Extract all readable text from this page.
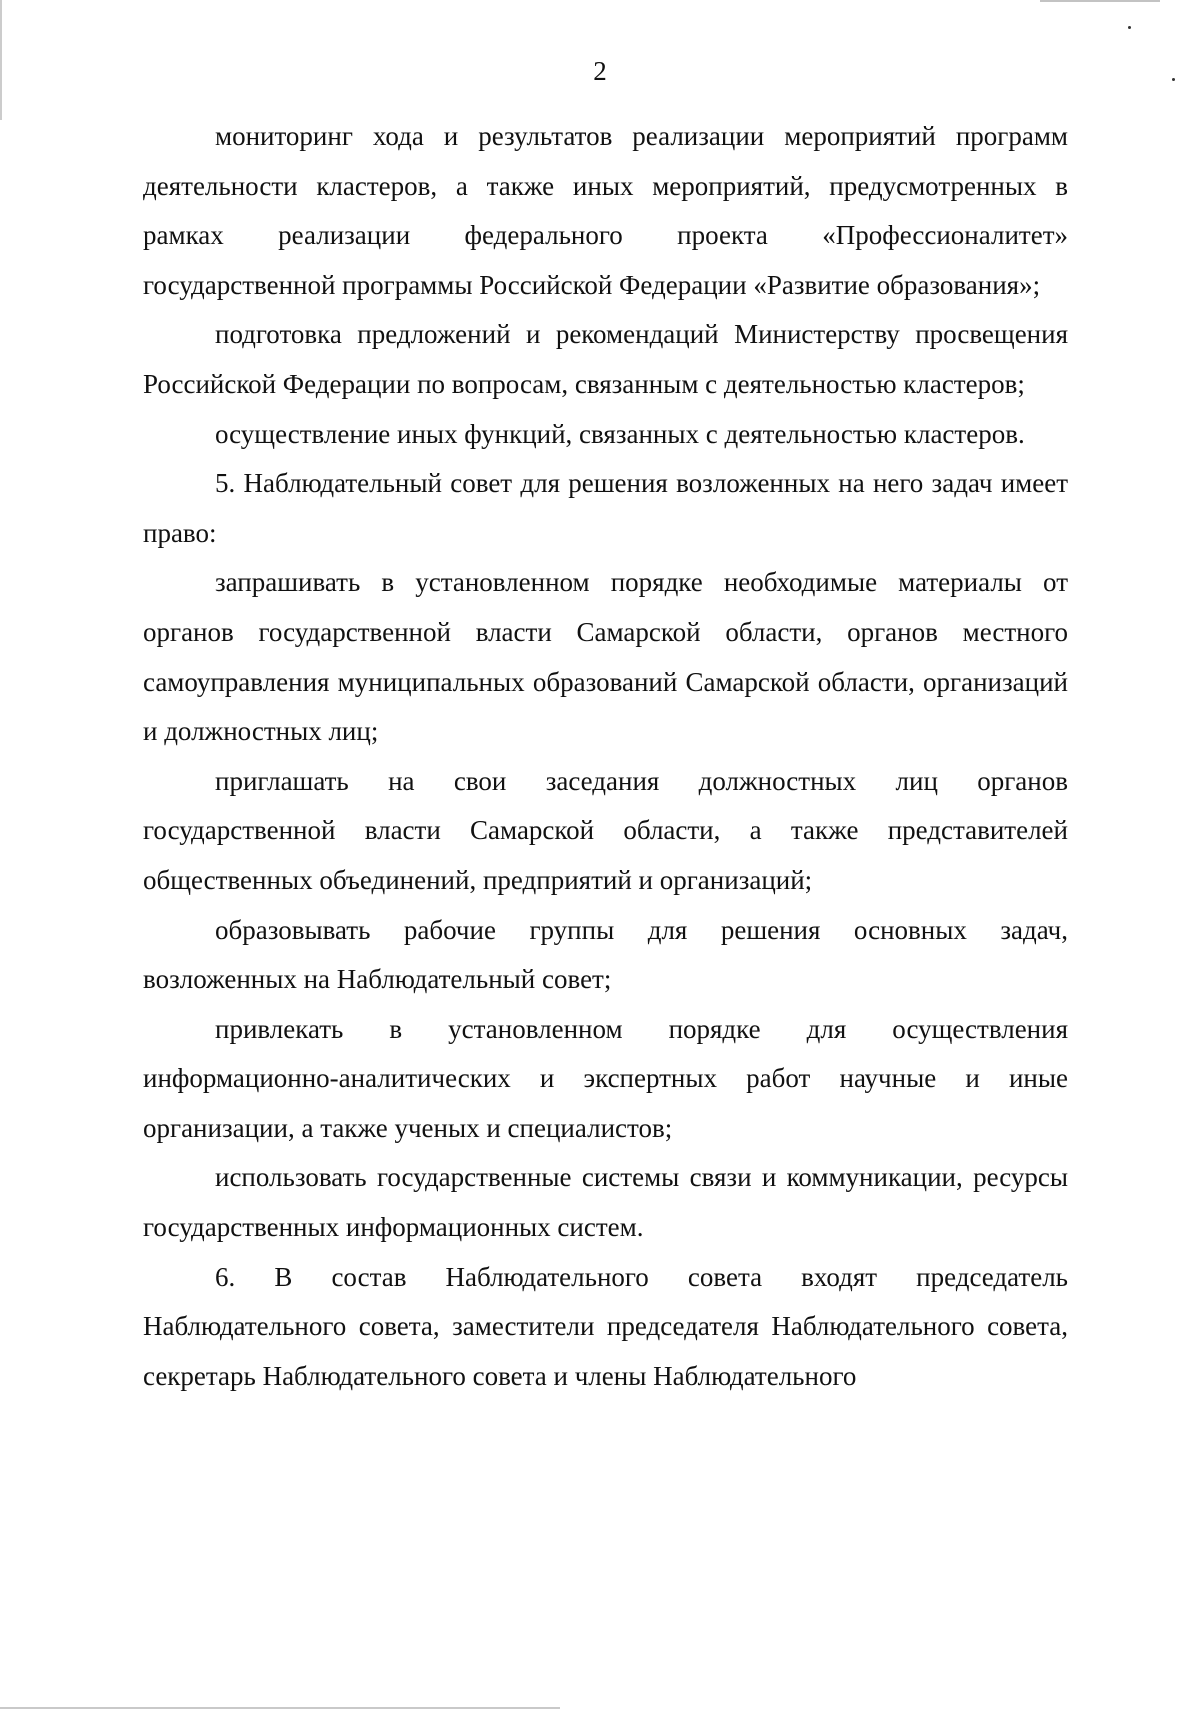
2

мониторинг хода и результатов реализации мероприятий программ деятельности кластеров, а также иных мероприятий, предусмотренных в рамках реализации федерального проекта «Профессионалитет» государственной программы Российской Федерации «Развитие образования»;

подготовка предложений и рекомендаций Министерству просвещения Российской Федерации по вопросам, связанным с деятельностью кластеров;

осуществление иных функций, связанных с деятельностью кластеров.

5. Наблюдательный совет для решения возложенных на него задач имеет право:

запрашивать в установленном порядке необходимые материалы от органов государственной власти Самарской области, органов местного самоуправления муниципальных образований Самарской области, организаций и должностных лиц;

приглашать на свои заседания должностных лиц органов государственной власти Самарской области, а также представителей общественных объединений, предприятий и организаций;

образовывать рабочие группы для решения основных задач, возложенных на Наблюдательный совет;

привлекать в установленном порядке для осуществления информационно-аналитических и экспертных работ научные и иные организации, а также ученых и специалистов;

использовать государственные системы связи и коммуникации, ресурсы государственных информационных систем.

6. В состав Наблюдательного совета входят председатель Наблюдательного совета, заместители председателя Наблюдательного совета, секретарь Наблюдательного совета и члены Наблюдательного
